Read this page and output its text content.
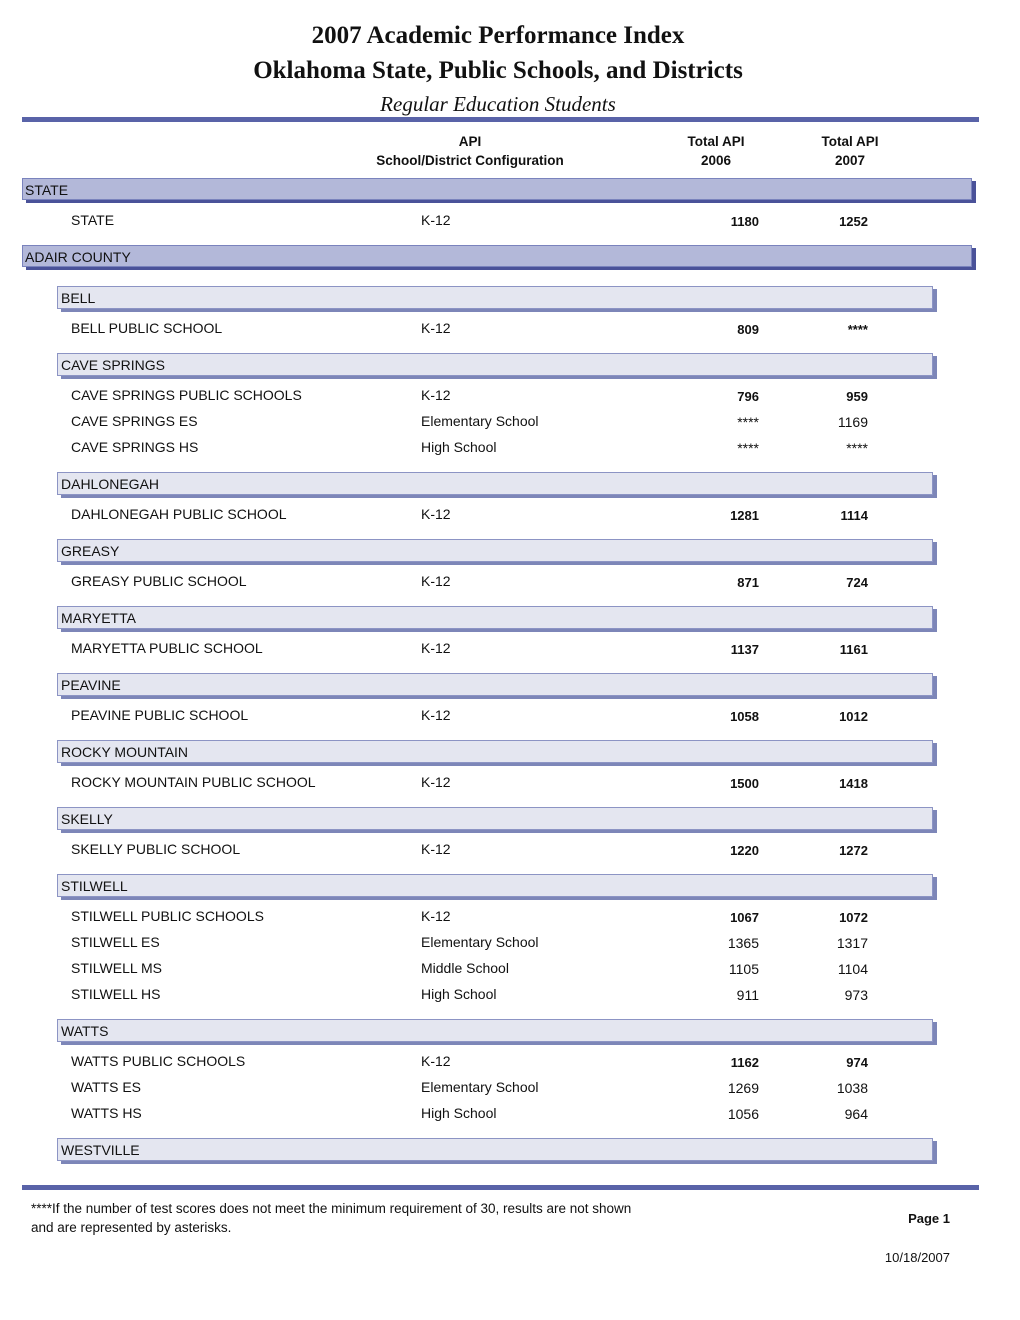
2007 Academic Performance Index
Oklahoma State, Public Schools, and Districts
Regular Education Students
API
School/District Configuration
Total API
2006
Total API
2007
STATE
STATE	K-12	1180	1252
ADAIR COUNTY
BELL
BELL PUBLIC SCHOOL	K-12	809	****
CAVE SPRINGS
CAVE SPRINGS PUBLIC SCHOOLS	K-12	796	959
CAVE SPRINGS ES	Elementary School	****	1169
CAVE SPRINGS HS	High School	****	****
DAHLONEGAH
DAHLONEGAH PUBLIC SCHOOL	K-12	1281	1114
GREASY
GREASY PUBLIC SCHOOL	K-12	871	724
MARYETTA
MARYETTA PUBLIC SCHOOL	K-12	1137	1161
PEAVINE
PEAVINE PUBLIC SCHOOL	K-12	1058	1012
ROCKY MOUNTAIN
ROCKY MOUNTAIN PUBLIC SCHOOL	K-12	1500	1418
SKELLY
SKELLY PUBLIC SCHOOL	K-12	1220	1272
STILWELL
STILWELL PUBLIC SCHOOLS	K-12	1067	1072
STILWELL ES	Elementary School	1365	1317
STILWELL MS	Middle School	1105	1104
STILWELL HS	High School	911	973
WATTS
WATTS PUBLIC SCHOOLS	K-12	1162	974
WATTS ES	Elementary School	1269	1038
WATTS HS	High School	1056	964
WESTVILLE
****If the number of test scores does not meet the minimum requirement of 30, results are not shown
and are represented by asterisks.
Page 1
10/18/2007
